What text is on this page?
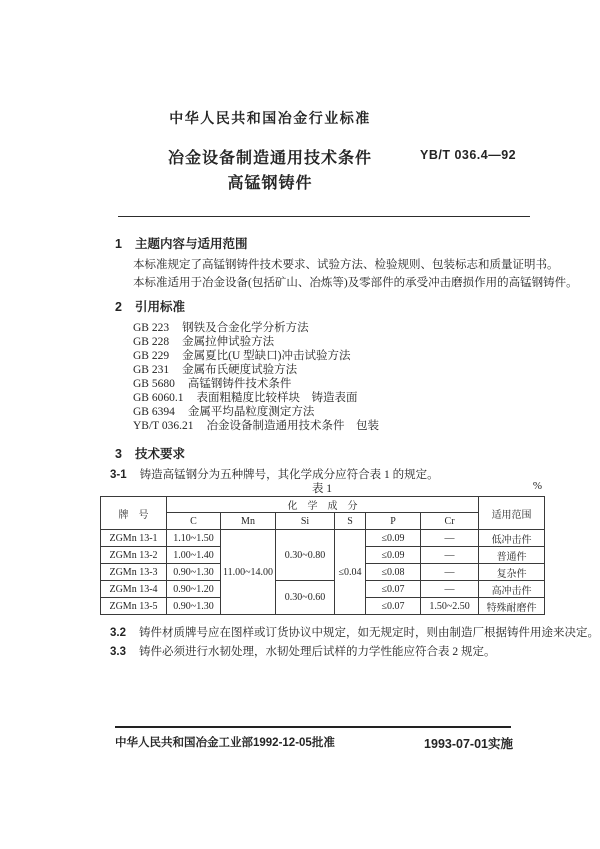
中华人民共和国冶金行业标准
冶金设备制造通用技术条件
高锰钢铸件
YB/T 036.4—92
1 主题内容与适用范围
本标准规定了高锰钢铸件技术要求、试验方法、检验规则、包装标志和质量证明书。
本标准适用于冶金设备(包括矿山、冶炼等)及零部件的承受冲击磨损作用的高锰钢铸件。
2 引用标准
GB 223 钢铁及合金化学分析方法
GB 228 金属拉伸试验方法
GB 229 金属夏比(U 型缺口)冲击试验方法
GB 231 金属布氏硬度试验方法
GB 5680 高锰钢铸件技术条件
GB 6060.1 表面粗糙度比较样块　铸造表面
GB 6394 金属平均晶粒度测定方法
YB/T 036.21 冶金设备制造通用技术条件　包装
3 技术要求
3-1 铸造高锰钢分为五种牌号，其化学成分应符合表 1 的规定。
表 1	%
牌　号	化　学　成　分						适用范围
	C	Mn	Si	S	P	Cr	
ZGMn 13-1	1.10~1.50	11.00~14.00	0.30~0.80	≤0.04	≤0.09	—	低冲击件
ZGMn 13-2	1.00~1.40				≤0.09	—	普通件
ZGMn 13-3	0.90~1.30				≤0.08	—	复杂件
ZGMn 13-4	0.90~1.20		0.30~0.60		≤0.07	—	高冲击件
ZGMn 13-5	0.90~1.30				≤0.07	1.50~2.50	特殊耐磨件
3.2 铸件材质牌号应在图样或订货协议中规定，如无规定时，则由制造厂根据铸件用途来决定。
3.3 铸件必须进行水韧处理，水韧处理后试样的力学性能应符合表 2 规定。
中华人民共和国冶金工业部1992-12-05批准	1993-07-01实施
